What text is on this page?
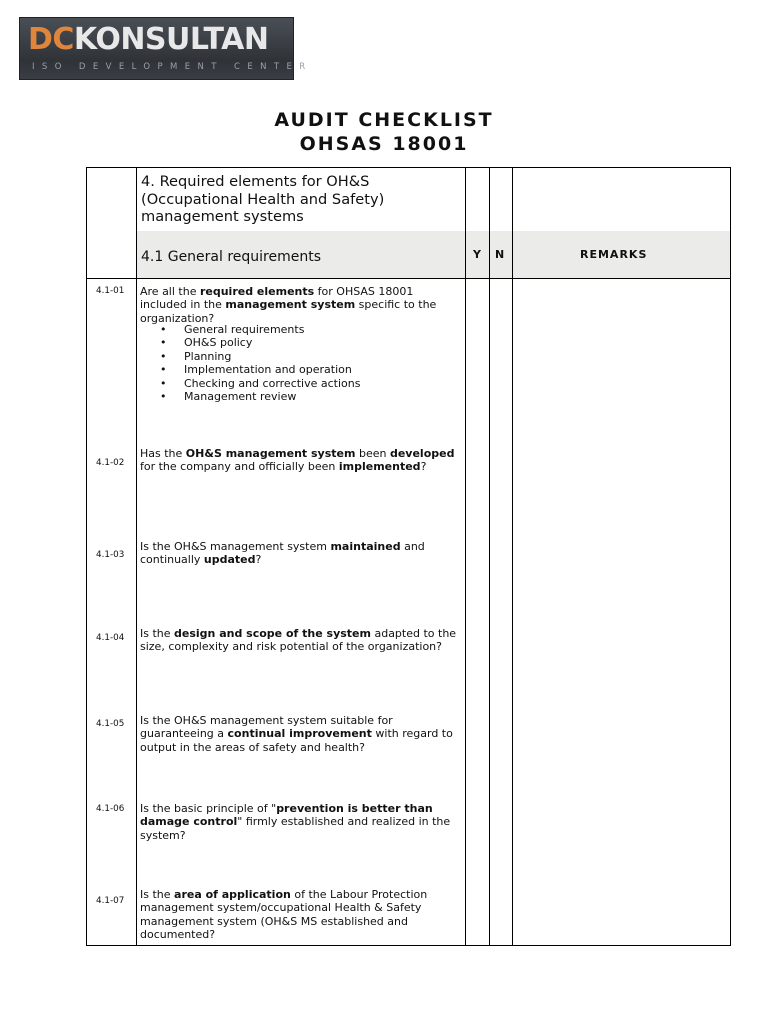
DCKONSULTAN
ISO DEVELOPMENT CENTER
AUDIT CHECKLIST
OHSAS 18001
4. Required elements for OH&S (Occupational Health and Safety) management systems
4.1 General requirements	Y N	REMARKS
4.1-01 Are all the required elements for OHSAS 18001 included in the management system specific to the organization?
4.1-02
Has the OH&S management system been developed for the company and officially been implemented?
4.1-03
Is the OH&S management system maintained and continually updated?
4.1-04 Is the design and scope of the system adapted to the size, complexity and risk potential of the organization?
4.1-05 Is the OH&S management system suitable for guaranteeing a continual improvement with regard to output in the areas of safety and health?
4.1-06 Is the basic principle of "prevention is better than damage control" firmly established and realized in the system?
4.1-07 Is the area of application of the Labour Protection management system/occupational Health & Safety management system (OH&S MS established and documented?
• General requirements
• OH&S policy
• Planning
• Implementation and operation
• Checking and corrective actions
• Management review
